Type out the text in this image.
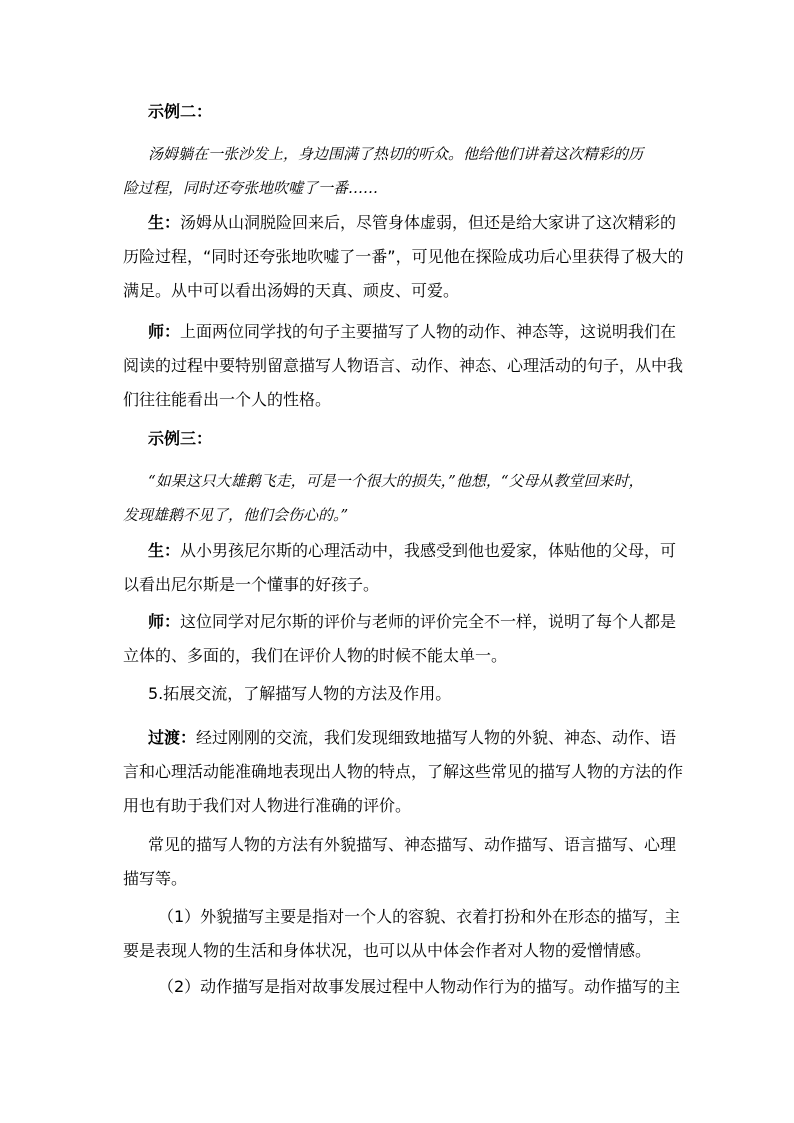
示例二：
汤姆躺在一张沙发上，身边围满了热切的听众。他给他们讲着这次精彩的历
险过程，同时还夸张地吹嘘了一番……
生：汤姆从山洞脱险回来后，尽管身体虚弱，但还是给大家讲了这次精彩的
历险过程，“同时还夸张地吹嘘了一番”，可见他在探险成功后心里获得了极大的
满足。从中可以看出汤姆的天真、顽皮、可爱。
师：上面两位同学找的句子主要描写了人物的动作、神态等，这说明我们在
阅读的过程中要特别留意描写人物语言、动作、神态、心理活动的句子，从中我
们往往能看出一个人的性格。
示例三：
“如果这只大雄鹅飞走，可是一个很大的损失，”他想，“父母从教堂回来时，
发现雄鹅不见了，他们会伤心的。”
生：从小男孩尼尔斯的心理活动中，我感受到他也爱家，体贴他的父母，可
以看出尼尔斯是一个懂事的好孩子。
师：这位同学对尼尔斯的评价与老师的评价完全不一样，说明了每个人都是
立体的、多面的，我们在评价人物的时候不能太单一。
5.拓展交流，了解描写人物的方法及作用。
过渡：经过刚刚的交流，我们发现细致地描写人物的外貌、神态、动作、语
言和心理活动能准确地表现出人物的特点，了解这些常见的描写人物的方法的作
用也有助于我们对人物进行准确的评价。
常见的描写人物的方法有外貌描写、神态描写、动作描写、语言描写、心理
描写等。
（1）外貌描写主要是指对一个人的容貌、衣着打扮和外在形态的描写，主
要是表现人物的生活和身体状况，也可以从中体会作者对人物的爱憎情感。
（2）动作描写是指对故事发展过程中人物动作行为的描写。动作描写的主
